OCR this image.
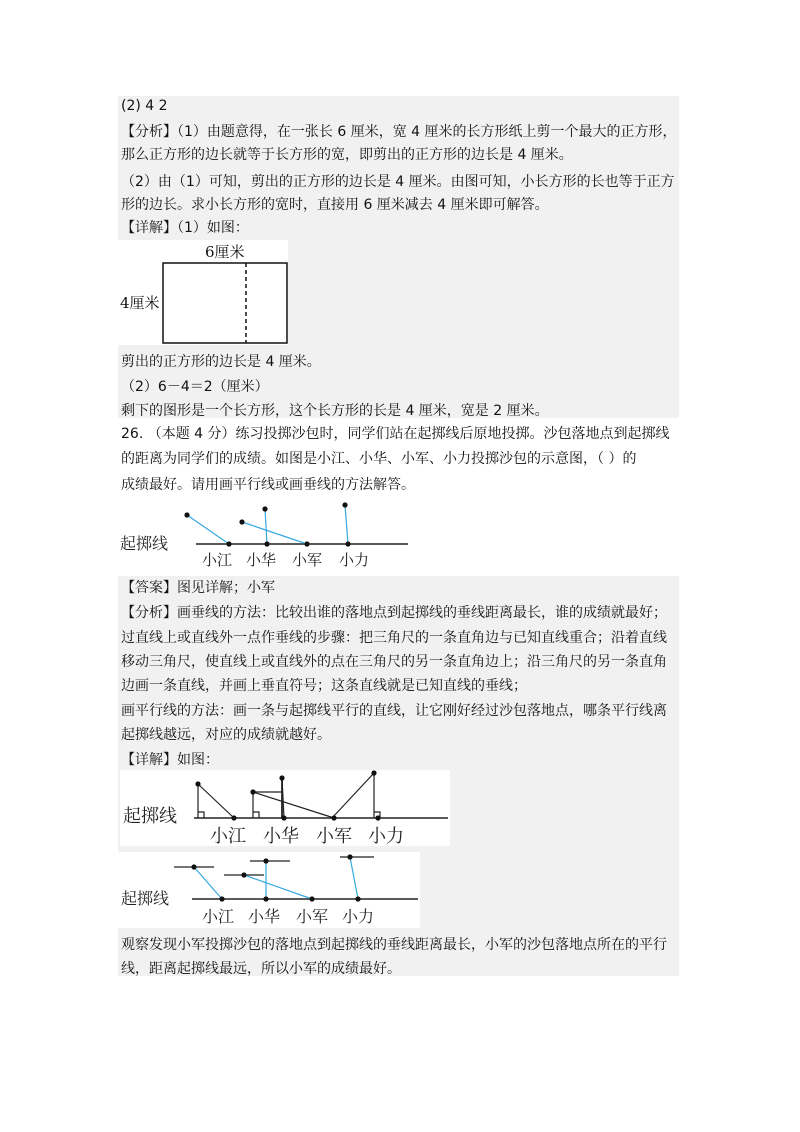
(2) 4 2
【分析】（1）由题意得，在一张长 6 厘米，宽 4 厘米的长方形纸上剪一个最大的正方形，
那么正方形的边长就等于长方形的宽，即剪出的正方形的边长是 4 厘米。
（2）由（1）可知，剪出的正方形的边长是 4 厘米。由图可知，小长方形的长也等于正方
形的边长。求小长方形的宽时，直接用 6 厘米减去 4 厘米即可解答。
【详解】（1）如图：
6厘米
4厘米
剪出的正方形的边长是 4 厘米。
（2）6－4＝2（厘米）
剩下的图形是一个长方形，这个长方形的长是 4 厘米，宽是 2 厘米。
26. （本题 4 分）练习投掷沙包时，同学们站在起掷线后原地投掷。沙包落地点到起掷线
的距离为同学们的成绩。如图是小江、小华、小军、小力投掷沙包的示意图，（ ）的
成绩最好。请用画平行线或画垂线的方法解答。
起掷线
小江 小华 小军 小力
【答案】图见详解；小军
【分析】画垂线的方法：比较出谁的落地点到起掷线的垂线距离最长，谁的成绩就最好；
过直线上或直线外一点作垂线的步骤：把三角尺的一条直角边与已知直线重合；沿着直线
移动三角尺，使直线上或直线外的点在三角尺的另一条直角边上；沿三角尺的另一条直角
边画一条直线，并画上垂直符号；这条直线就是已知直线的垂线；
画平行线的方法：画一条与起掷线平行的直线，让它刚好经过沙包落地点，哪条平行线离
起掷线越远，对应的成绩就越好。
【详解】如图：
起掷线
小江 小华 小军 小力
起掷线
小江 小华 小军 小力
观察发现小军投掷沙包的落地点到起掷线的垂线距离最长，小军的沙包落地点所在的平行
线，距离起掷线最远，所以小军的成绩最好。
